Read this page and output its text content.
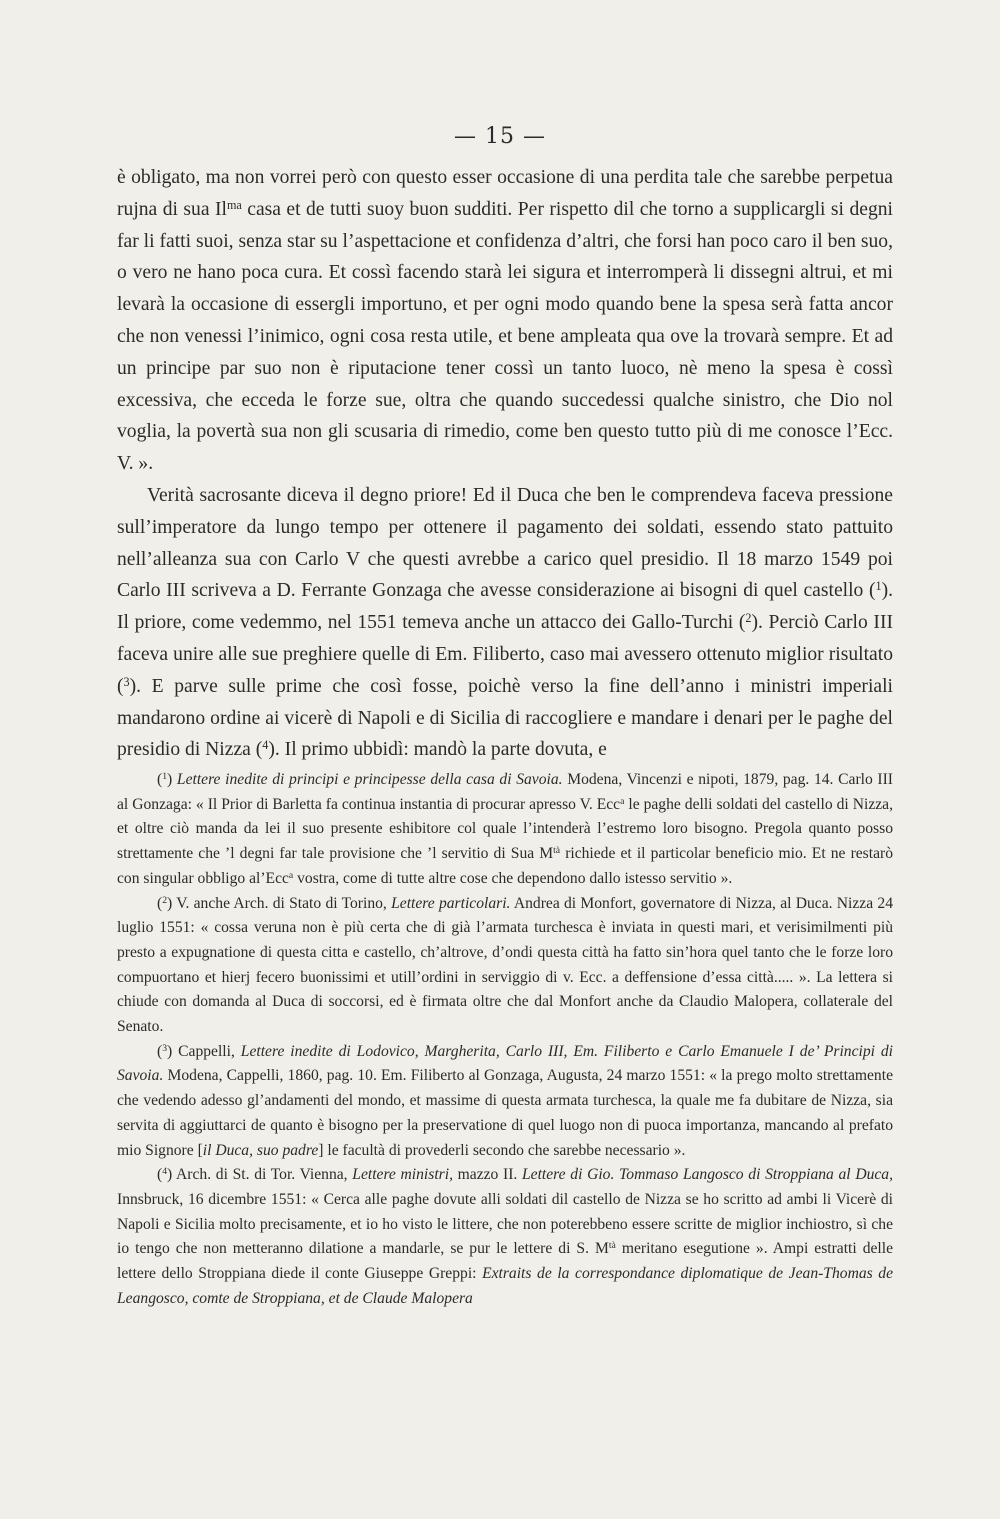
— 15 —

è obligato, ma non vorrei però con questo esser occasione di una perdita tale che sarebbe perpetua rujna di sua $Il^{ma}$ casa et de tutti suoy buon sudditi. Per rispetto dil che torno a supplicargli si degni far li fatti suoi, senza star su l’aspettacione et confidenza d’altri, che forsi han poco caro il ben suo, o vero ne hano poca cura. Et cossì facendo starà lei sigura et interromperà li dissegni altrui, et mi levarà la occasione di essergli importuno, et per ogni modo quando bene la spesa serà fatta ancor che non venessi l’inimico, ogni cosa resta utile, et bene ampleata qua ove la trovarà sempre. Et ad un principe par suo non è riputacione tener cossì un tanto luoco, nè meno la spesa è cossì excessiva, che ecceda le forze sue, oltra che quando succedessi qualche sinistro, che Dio nol voglia, la povertà sua non gli scusaria di rimedio, come ben questo tutto più di me conosce l’Ecc. V. ».

Verità sacrosante diceva il degno priore! Ed il Duca che ben le comprendeva faceva pressione sull’imperatore da lungo tempo per ottenere il pagamento dei soldati, essendo stato pattuito nell’alleanza sua con Carlo V che questi avrebbe a carico quel presidio. Il 18 marzo 1549 poi Carlo III scriveva a D. Ferrante Gonzaga che avesse considerazione ai bisogni di quel castello ($^1$). Il priore, come vedemmo, nel 1551 temeva anche un attacco dei Gallo-Turchi ($^2$). Perciò Carlo III faceva unire alle sue preghiere quelle di Em. Filiberto, caso mai avessero ottenuto miglior risultato ($^3$). E parve sulle prime che così fosse, poichè verso la fine dell’anno i ministri imperiali mandarono ordine ai vicerè di Napoli e di Sicilia di raccogliere e mandare i denari per le paghe del presidio di Nizza ($^4$). Il primo ubbidì: mandò la parte dovuta, e

($^1$) Lettere inedite di principi e principesse della casa di Savoia. Modena, Vincenzi e nipoti, 1879, pag. 14. Carlo III al Gonzaga: « Il Prior di Barletta fa continua instantia di procurar apresso V. Ecc$^a$ le paghe delli soldati del castello di Nizza, et oltre ciò manda da lei il suo presente eshibitore col quale l’intenderà l’estremo loro bisogno. Pregola quanto posso strettamente che ’l degni far tale provisione che ’l servitio di Sua $M^{tà}$ richiede et il particolar beneficio mio. Et ne restarò con singular obbligo al’Ecc$^a$ vostra, come di tutte altre cose che dependono dallo istesso servitio ».

($^2$) V. anche Arch. di Stato di Torino, Lettere particolari. Andrea di Monfort, governatore di Nizza, al Duca. Nizza 24 luglio 1551: « cossa veruna non è più certa che di già l’armata turchesca è inviata in questi mari, et verisimilmenti più presto a expugnatione di questa citta e castello, ch’altrove, d’ondi questa città ha fatto sin’hora quel tanto che le forze loro compuortano et hierj fecero buonissimi et utill’ordini in serviggio di v. Ecc. a deffensione d’essa città..... ». La lettera si chiude con domanda al Duca di soccorsi, ed è firmata oltre che dal Monfort anche da Claudio Malopera, collaterale del Senato.

($^3$) Cappelli, Lettere inedite di Lodovico, Margherita, Carlo III, Em. Filiberto e Carlo Emanuele I de’ Principi di Savoia. Modena, Cappelli, 1860, pag. 10. Em. Filiberto al Gonzaga, Augusta, 24 marzo 1551: « la prego molto strettamente che vedendo adesso gl’andamenti del mondo, et massime di questa armata turchesca, la quale me fa dubitare de Nizza, sia servita di aggiuttarci de quanto è bisogno per la preservatione di quel luogo non di puoca importanza, mancando al prefato mio Signore [il Duca, suo padre] le facultà di provederli secondo che sarebbe necessario ».

($^4$) Arch. di St. di Tor. Vienna, Lettere ministri, mazzo II. Lettere di Gio. Tommaso Langosco di Stroppiana al Duca, Innsbruck, 16 dicembre 1551: « Cerca alle paghe dovute alli soldati dil castello de Nizza se ho scritto ad ambi li Vicerè di Napoli e Sicilia molto precisamente, et io ho visto le littere, che non poterebbeno essere scritte de miglior inchiostro, sì che io tengo che non metteranno dilatione a mandarle, se pur le lettere di S. $M^{tà}$ meritano esegutione ». Ampi estratti delle lettere dello Stroppiana diede il conte Giuseppe Greppi: Extraits de la correspondance diplomatique de Jean-Thomas de Leangosco, comte de Stroppiana, et de Claude Malopera
